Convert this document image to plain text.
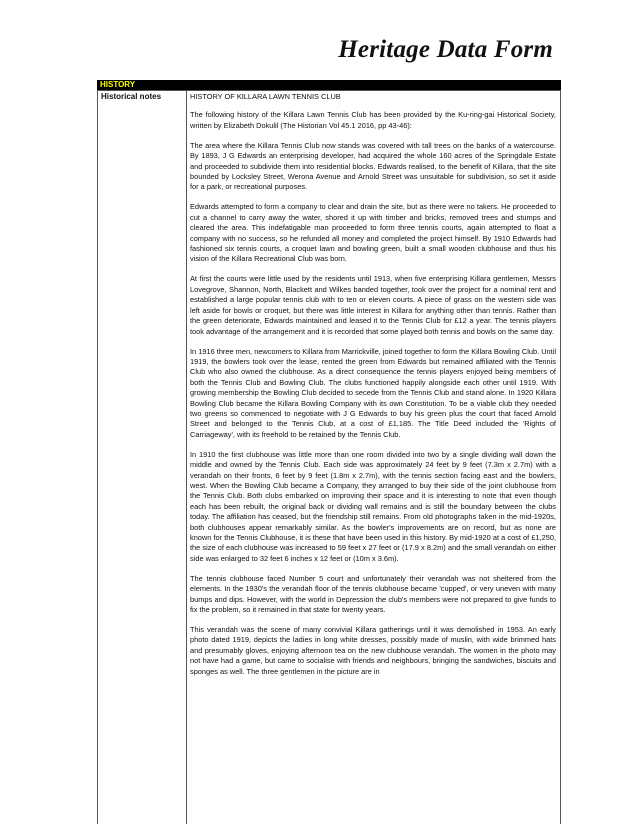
Heritage Data Form
HISTORY
Historical notes	HISTORY OF KILLARA LAWN TENNIS CLUB

The following history of the Killara Lawn Tennis Club has been provided by the Ku-ring-gai Historical Society, written by Elizabeth Dokulil (The Historian Vol 45.1 2016, pp 43-46):

The area where the Killara Tennis Club now stands was covered with tall trees on the banks of a watercourse. By 1893, J G Edwards an enterprising developer, had acquired the whole 160 acres of the Springdale Estate and proceeded to subdivide them into residential blocks. Edwards realised, to the benefit of Killara, that the site bounded by Locksley Street, Werona Avenue and Arnold Street was unsuitable for subdivision, so set it aside for a park, or recreational purposes.

Edwards attempted to form a company to clear and drain the site, but as there were no takers. He proceeded to cut a channel to carry away the water, shored it up with timber and bricks, removed trees and stumps and cleared the area. This indefatigable man proceeded to form three tennis courts, again attempted to float a company with no success, so he refunded all money and completed the project himself. By 1910 Edwards had fashioned six tennis courts, a croquet lawn and bowling green, built a small wooden clubhouse and thus his vision of the Killara Recreational Club was born.

At first the courts were little used by the residents until 1913, when five enterprising Killara gentlemen, Messrs Lovegrove, Shannon, North, Blackett and Wilkes banded together, took over the project for a nominal rent and established a large popular tennis club with to ten or eleven courts. A piece of grass on the western side was left aside for bowls or croquet, but there was little interest in Killara for anything other than tennis. Rather than the green deteriorate, Edwards maintained and leased it to the Tennis Club for £12 a year. The tennis players took advantage of the arrangement and it is recorded that some played both tennis and bowls on the same day.

In 1916 three men, newcomers to Killara from Marrickville, joined together to form the Killara Bowling Club. Until 1919, the bowlers took over the lease, rented the green from Edwards but remained affiliated with the Tennis Club who also owned the clubhouse. As a direct consequence the tennis players enjoyed being members of both the Tennis Club and Bowling Club. The clubs functioned happily alongside each other until 1919. With growing membership the Bowling Club decided to secede from the Tennis Club and stand alone. In 1920 Killara Bowling Club became the Killara Bowling Company with its own Constitution. To be a viable club they needed two greens so commenced to negotiate with J G Edwards to buy his green plus the court that faced Arnold Street and belonged to the Tennis Club, at a cost of £1,185. The Title Deed included the 'Rights of Carriageway', with its freehold to be retained by the Tennis Club.

In 1910 the first clubhouse was little more than one room divided into two by a single dividing wall down the middle and owned by the Tennis Club. Each side was approximately 24 feet by 9 feet (7.3m x 2.7m) with a verandah on their fronts, 6 feet by 9 feet (1.8m x 2.7m), with the tennis section facing east and the bowlers, west. When the Bowling Club became a Company, they arranged to buy their side of the joint clubhouse from the Tennis Club. Both clubs embarked on improving their space and it is interesting to note that even though each has been rebuilt, the original back or dividing wall remains and is still the boundary between the clubs today. The affiliation has ceased, but the friendship still remains. From old photographs taken in the mid-1920s, both clubhouses appear remarkably similar. As the bowler's improvements are on record, but as none are known for the Tennis Clubhouse, it is these that have been used in this history. By mid-1920 at a cost of £1,250, the size of each clubhouse was increased to 59 feet x 27 feet or (17.9 x 8.2m) and the small verandah on either side was enlarged to 32 feet 6 inches x 12 feet or (10m x 3.6m).

The tennis clubhouse faced Number 5 court and unfortunately their verandah was not sheltered from the elements. In the 1930's the verandah floor of the tennis clubhouse became 'cupped', or very uneven with many bumps and dips. However, with the world in Depression the club's members were not prepared to give funds to fix the problem, so it remained in that state for twenty years.

This verandah was the scene of many convivial Killara gatherings until it was demolished in 1953. An early photo dated 1919, depicts the ladies in long white dresses, possibly made of muslin, with wide brimmed hats and presumably gloves, enjoying afternoon tea on the new clubhouse verandah. The women in the photo may not have had a game, but came to socialise with friends and neighbours, bringing the sandwiches, biscuits and sponges as well. The three gentlemen in the picture are in
